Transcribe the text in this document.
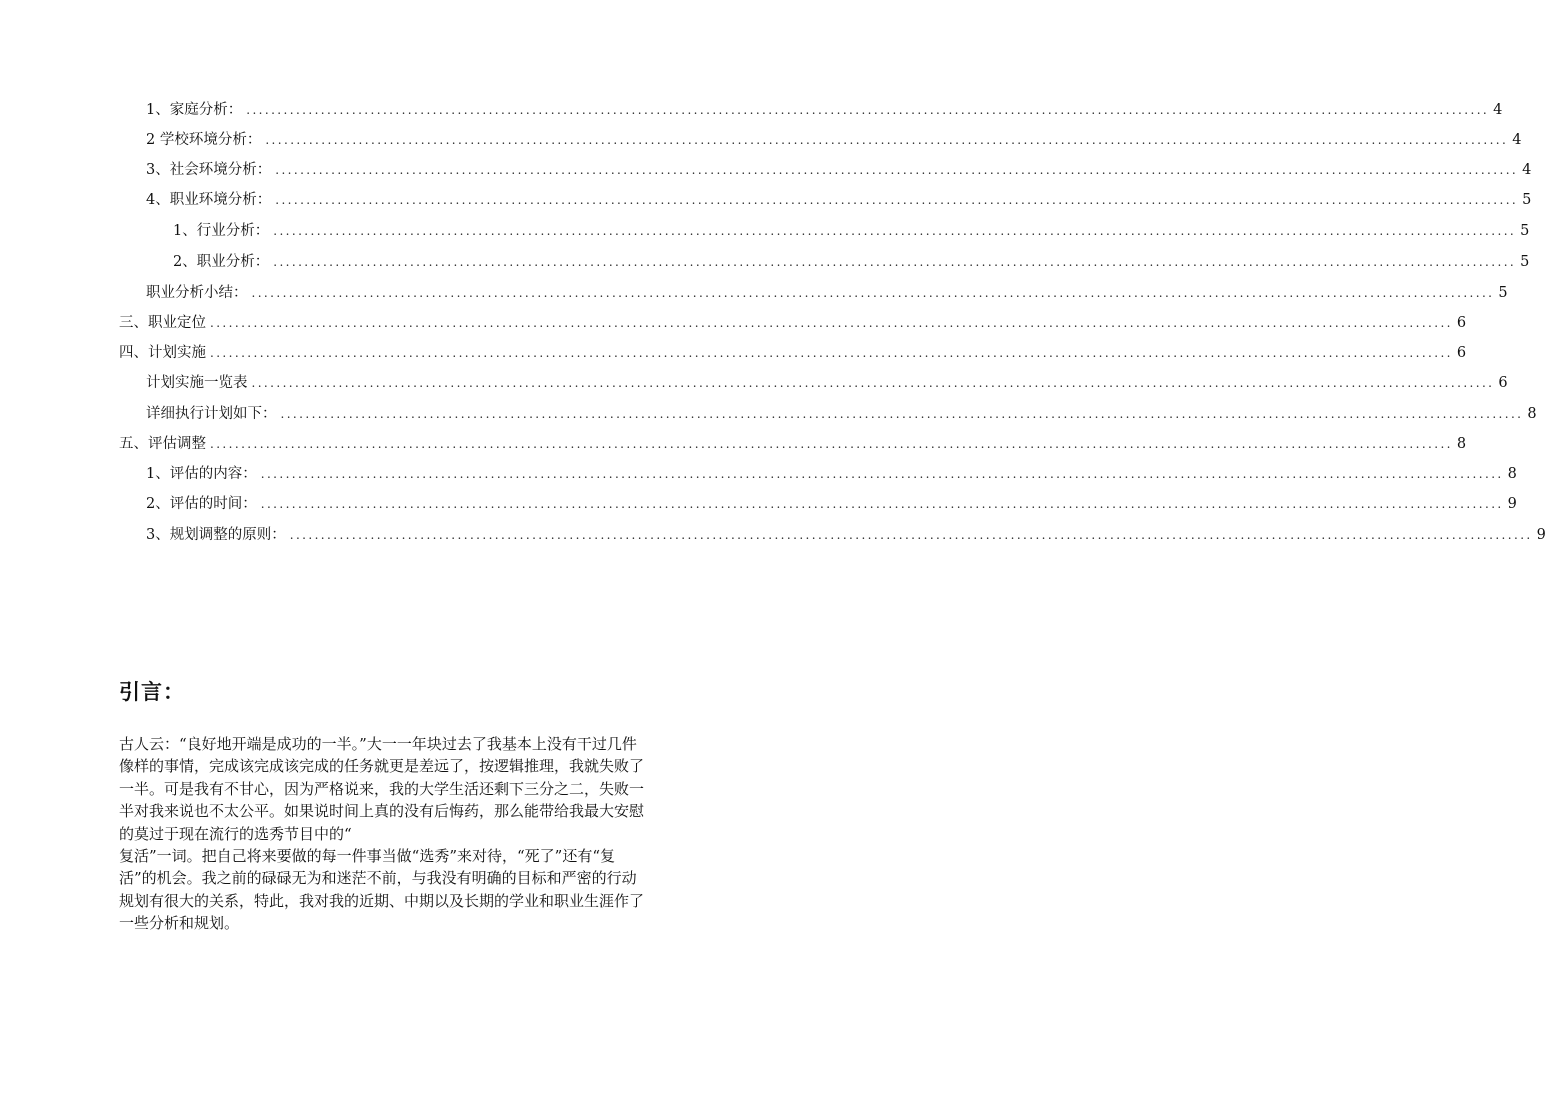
1、家庭分析： ........................................................................................................................................................................................................ 4
2 学校环境分析： ........................................................................................................................................................................................................ 4
3、社会环境分析： ........................................................................................................................................................................................................ 4
4、职业环境分析： ........................................................................................................................................................................................................ 5
1、行业分析： ........................................................................................................................................................................................................ 5
2、职业分析： ........................................................................................................................................................................................................ 5
职业分析小结： ........................................................................................................................................................................................................ 5
三、职业定位 ........................................................................................................................................................................................................ 6
四、计划实施 ........................................................................................................................................................................................................ 6
计划实施一览表 ........................................................................................................................................................................................................ 6
详细执行计划如下： ........................................................................................................................................................................................................ 8
五、评估调整 ........................................................................................................................................................................................................ 8
1、评估的内容： ........................................................................................................................................................................................................ 8
2、评估的时间： ........................................................................................................................................................................................................ 9
3、规划调整的原则： ........................................................................................................................................................................................................ 9
引言：
古人云：“良好地开端是成功的一半。”大一一年块过去了我基本上没有干过几件
像样的事情，完成该完成该完成的任务就更是差远了，按逻辑推理，我就失败了
一半。可是我有不甘心，因为严格说来，我的大学生活还剩下三分之二，失败一
半对我来说也不太公平。如果说时间上真的没有后悔药，那么能带给我最大安慰
的莫过于现在流行的选秀节目中的“
复活”一词。把自己将来要做的每一件事当做“选秀”来对待，“死了”还有“复
活”的机会。我之前的碌碌无为和迷茫不前，与我没有明确的目标和严密的行动
规划有很大的关系，特此，我对我的近期、中期以及长期的学业和职业生涯作了
一些分析和规划。
